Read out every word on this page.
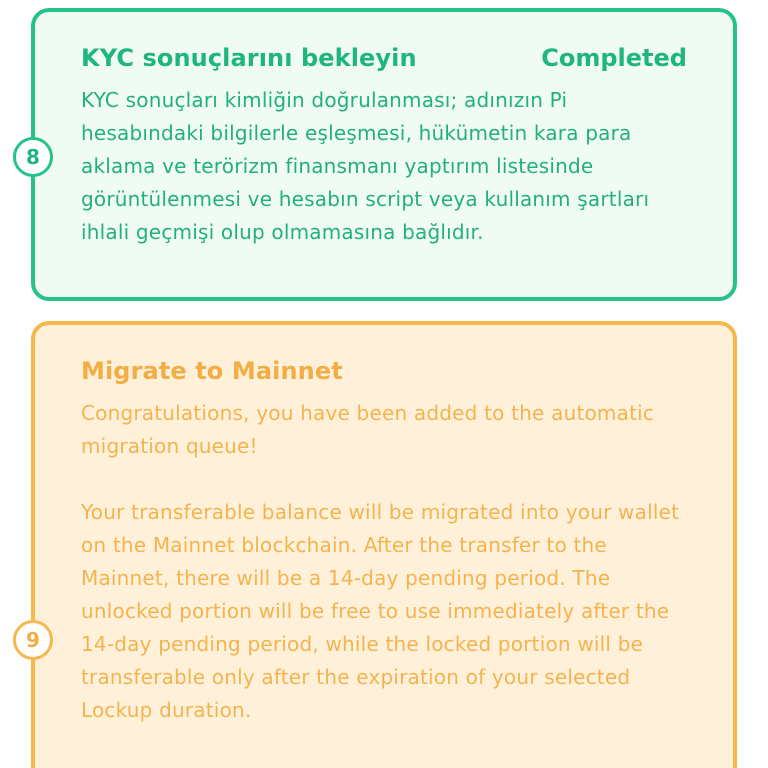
KYC sonuçlarını bekleyin	Completed
KYC sonuçları kimliğin doğrulanması; adınızın Pi hesabındaki bilgilerle eşleşmesi, hükümetin kara para aklama ve terörizm finansmanı yaptırım listesinde görüntülenmesi ve hesabın script veya kullanım şartları ihlali geçmişi olup olmamasına bağlıdır.
8
Migrate to Mainnet
Congratulations, you have been added to the automatic migration queue!
Your transferable balance will be migrated into your wallet on the Mainnet blockchain. After the transfer to the Mainnet, there will be a 14-day pending period. The unlocked portion will be free to use immediately after the 14-day pending period, while the locked portion will be transferable only after the expiration of your selected Lockup duration.
9
